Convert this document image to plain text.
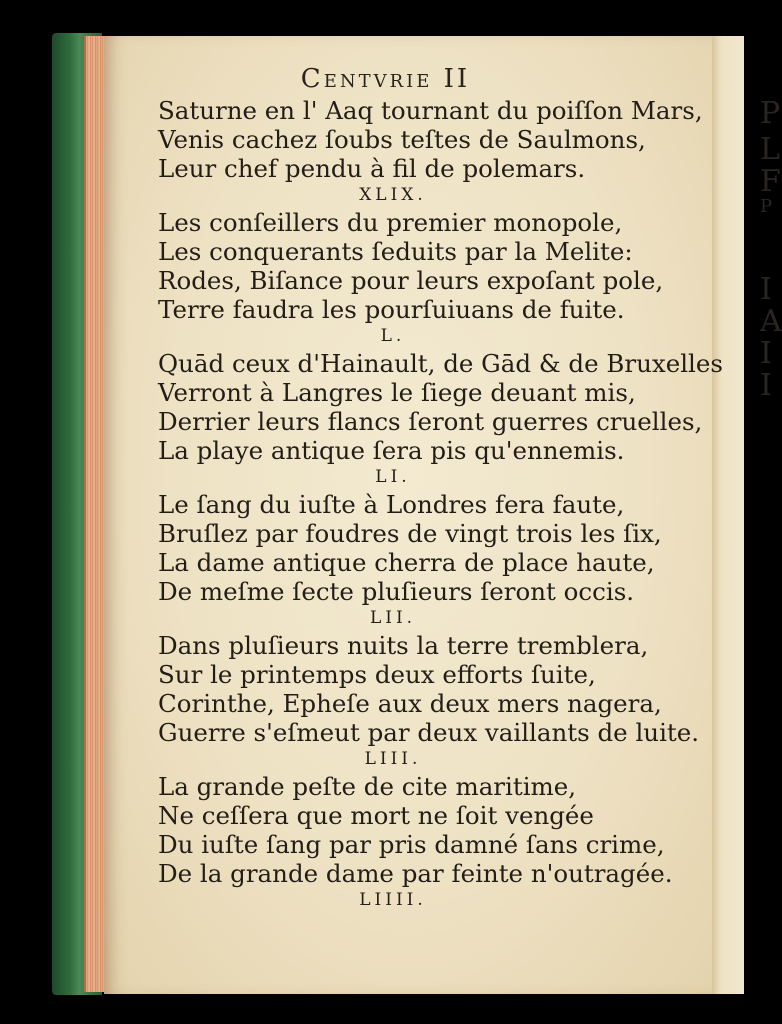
P
L
F
P
I
A
I
I
Centvrie II
Saturne en l' Aaq tournant du poiſſon Mars,
Venis cachez ſoubs teſtes de Saulmons,
Leur chef pendu à fil de polemars.
XLIX.
Les conſeillers du premier monopole,
Les conquerants ſeduits par la Melite:
Rodes, Biſance pour leurs expoſant pole,
Terre faudra les pourſuiuans de fuite.
L.
Quād ceux d'Hainault, de Gād & de Bruxelles
Verront à Langres le ſiege deuant mis,
Derrier leurs flancs ſeront guerres cruelles,
La playe antique ſera pis qu'ennemis.
LI.
Le ſang du iuſte à Londres fera faute,
Bruſlez par foudres de vingt trois les ſix,
La dame antique cherra de place haute,
De meſme ſecte pluſieurs ſeront occis.
LII.
Dans pluſieurs nuits la terre tremblera,
Sur le printemps deux efforts ſuite,
Corinthe, Epheſe aux deux mers nagera,
Guerre s'eſmeut par deux vaillants de luite.
LIII.
La grande peſte de cite maritime,
Ne ceſſera que mort ne ſoit vengée
Du iuſte ſang par pris damné ſans crime,
De la grande dame par feinte n'outragée.
LIIII.
